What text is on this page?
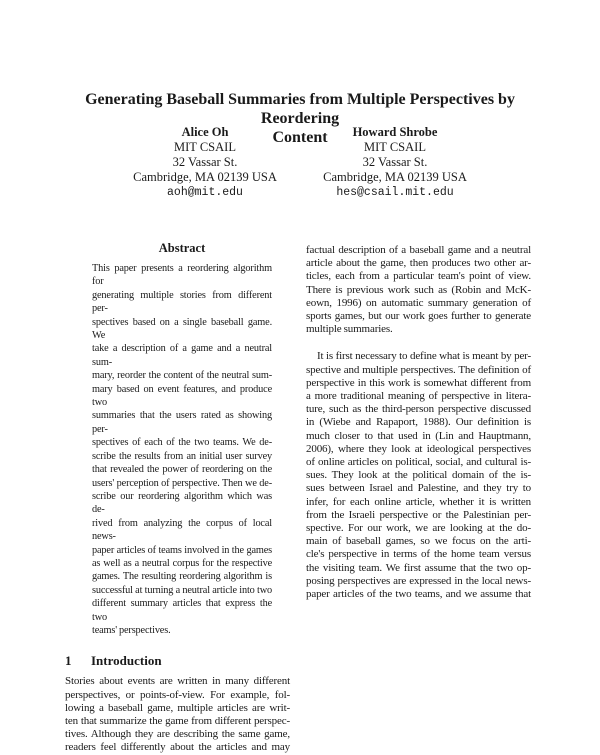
Generating Baseball Summaries from Multiple Perspectives by Reordering
Content
Alice Oh
MIT CSAIL
32 Vassar St.
Cambridge, MA 02139 USA
aoh@mit.edu
Howard Shrobe
MIT CSAIL
32 Vassar St.
Cambridge, MA 02139 USA
hes@csail.mit.edu
Abstract
This paper presents a reordering algorithm for
generating multiple stories from different per-
spectives based on a single baseball game. We
take a description of a game and a neutral sum-
mary, reorder the content of the neutral sum-
mary based on event features, and produce two
summaries that the users rated as showing per-
spectives of each of the two teams. We de-
scribe the results from an initial user survey
that revealed the power of reordering on the
users' perception of perspective. Then we de-
scribe our reordering algorithm which was de-
rived from analyzing the corpus of local news-
paper articles of teams involved in the games
as well as a neutral corpus for the respective
games. The resulting reordering algorithm is
successful at turning a neutral article into two
different summary articles that express the two
teams' perspectives.
1 Introduction
Stories about events are written in many different
perspectives, or points-of-view. For example, fol-
lowing a baseball game, multiple articles are writ-
ten that summarize the game from different perspec-
tives. Although they are describing the same game,
readers feel differently about the articles and may
factual description of a baseball game and a neutral
article about the game, then produces two other ar-
ticles, each from a particular team's point of view.
There is previous work such as (Robin and McK-
eown, 1996) on automatic summary generation of
sports games, but our work goes further to generate
multiple summaries.
It is first necessary to define what is meant by per-
spective and multiple perspectives. The definition of
perspective in this work is somewhat different from
a more traditional meaning of perspective in litera-
ture, such as the third-person perspective discussed
in (Wiebe and Rapaport, 1988). Our definition is
much closer to that used in (Lin and Hauptmann,
2006), where they look at ideological perspectives
of online articles on political, social, and cultural is-
sues. They look at the political domain of the is-
sues between Israel and Palestine, and they try to
infer, for each online article, whether it is written
from the Israeli perspective or the Palestinian per-
spective. For our work, we are looking at the do-
main of baseball games, so we focus on the arti-
cle's perspective in terms of the home team versus
the visiting team. We first assume that the two op-
posing perspectives are expressed in the local news-
paper articles of the two teams, and we assume that
